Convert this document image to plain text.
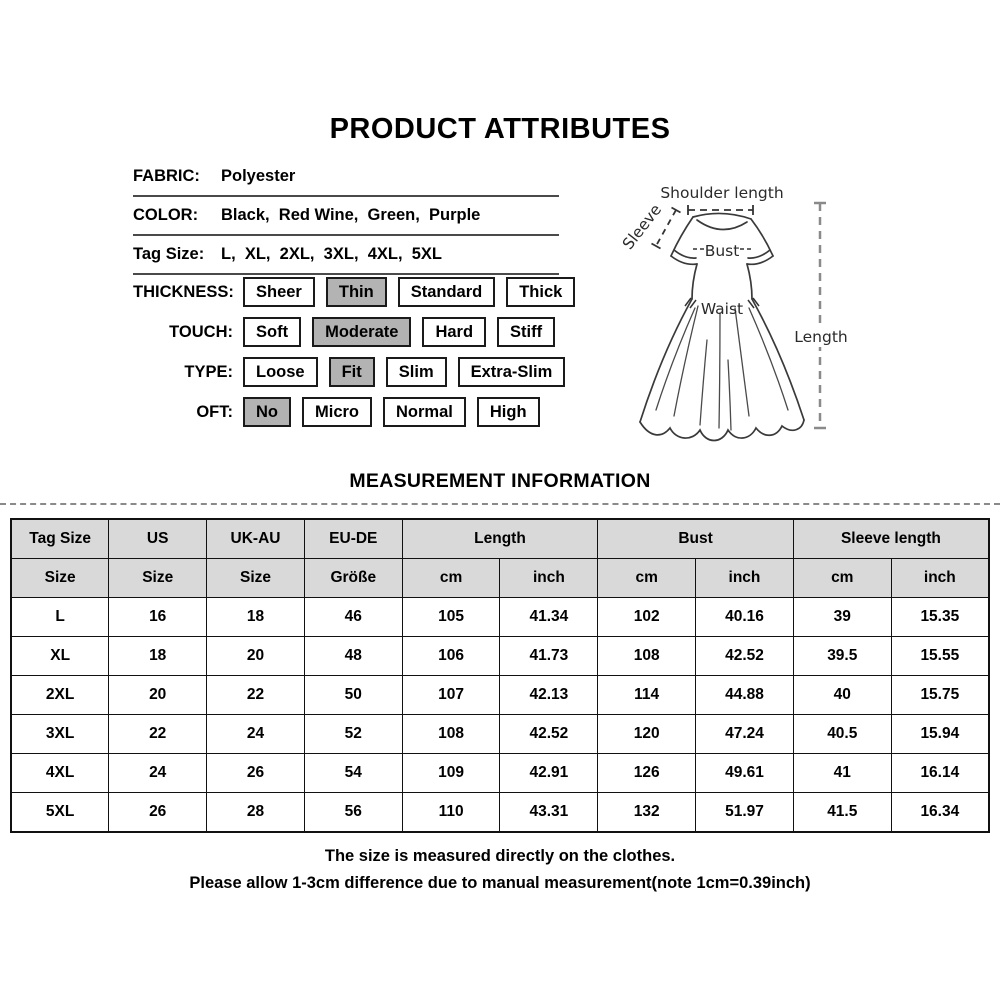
PRODUCT ATTRIBUTES
FABRIC:	Polyester
COLOR:	Black,  Red Wine,  Green,  Purple
Tag Size:	L,  XL,  2XL,  3XL,  4XL,  5XL
THICKNESS:	Sheer	Thin	Standard	Thick
TOUCH:	Soft	Moderate	Hard	Stiff
TYPE:	Loose	Fit	Slim	Extra-Slim
OFT:	No	Micro	Normal	High
Shoulder length
Sleeve	Bust
Waist
Length
MEASUREMENT INFORMATION
Tag Size	US	UK-AU	EU-DE	Length		Bust		Sleeve length	
Size	Size	Size	Größe	cm	inch	cm	inch	cm	inch
L	16	18	46	105	41.34	102	40.16	39	15.35
XL	18	20	48	106	41.73	108	42.52	39.5	15.55
2XL	20	22	50	107	42.13	114	44.88	40	15.75
3XL	22	24	52	108	42.52	120	47.24	40.5	15.94
4XL	24	26	54	109	42.91	126	49.61	41	16.14
5XL	26	28	56	110	43.31	132	51.97	41.5	16.34
The size is measured directly on the clothes.
Please allow 1-3cm difference due to manual measurement(note 1cm=0.39inch)
